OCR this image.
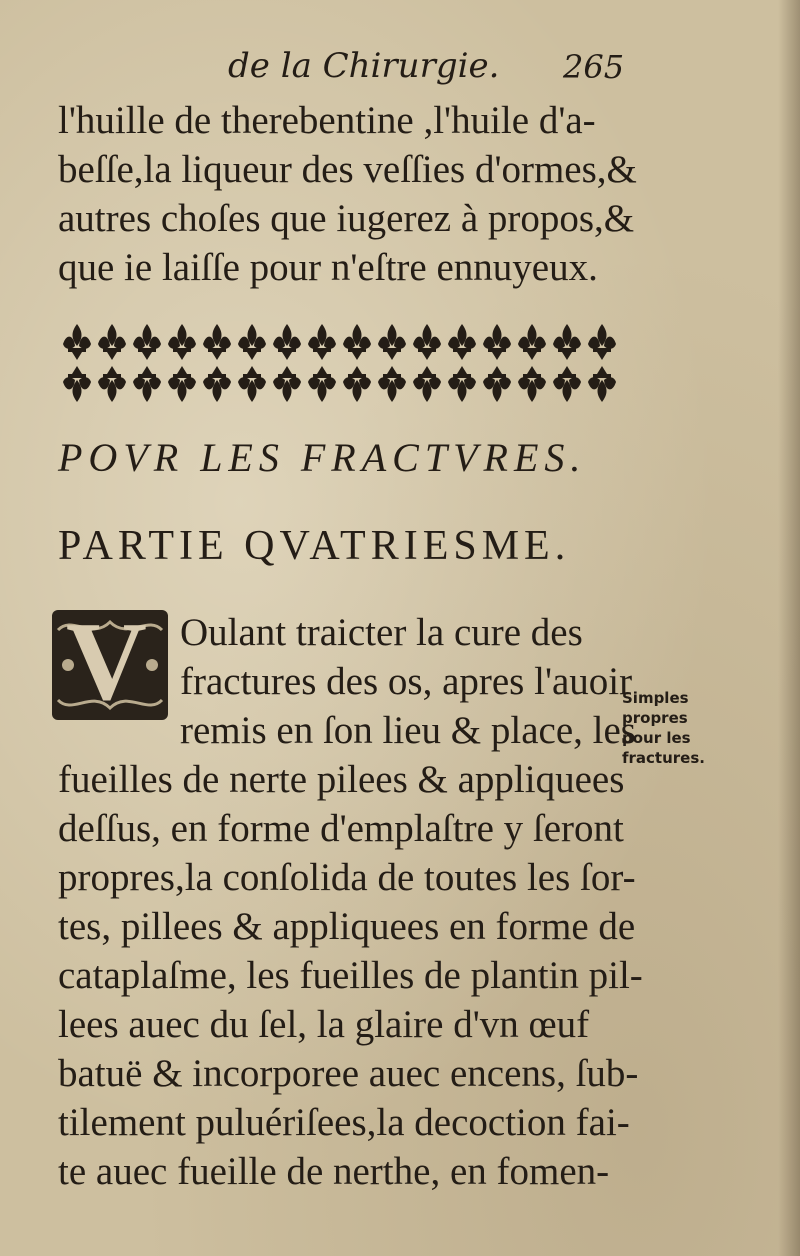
de la Chirurgie. 265
l'huille de therebentine ,l'huile d'a-
beſſe,la liqueur des veſſies d'ormes,&
autres choſes que iugerez à propos,&
que ie laiſſe pour n'eſtre ennuyeux.
POVR LES FRACTVRES.
PARTIE QVATRIESME.
V Oulant traicter la cure des
fractures des os, apres l'auoir
remis en ſon lieu & place, les
fueilles de nerte pilees & appliquees
deſſus, en forme d'emplaſtre y ſeront
propres,la conſolida de toutes les ſor-
tes, pillees & appliquees en forme de
cataplaſme, les fueilles de plantin pil-
lees auec du ſel, la glaire d'vn œuf
batuë & incorporee auec encens, ſub-
tilement puluériſees,la decoction fai-
te auec fueille de nerthe, en fomen-
Simples
propres
pour les
fractures.
